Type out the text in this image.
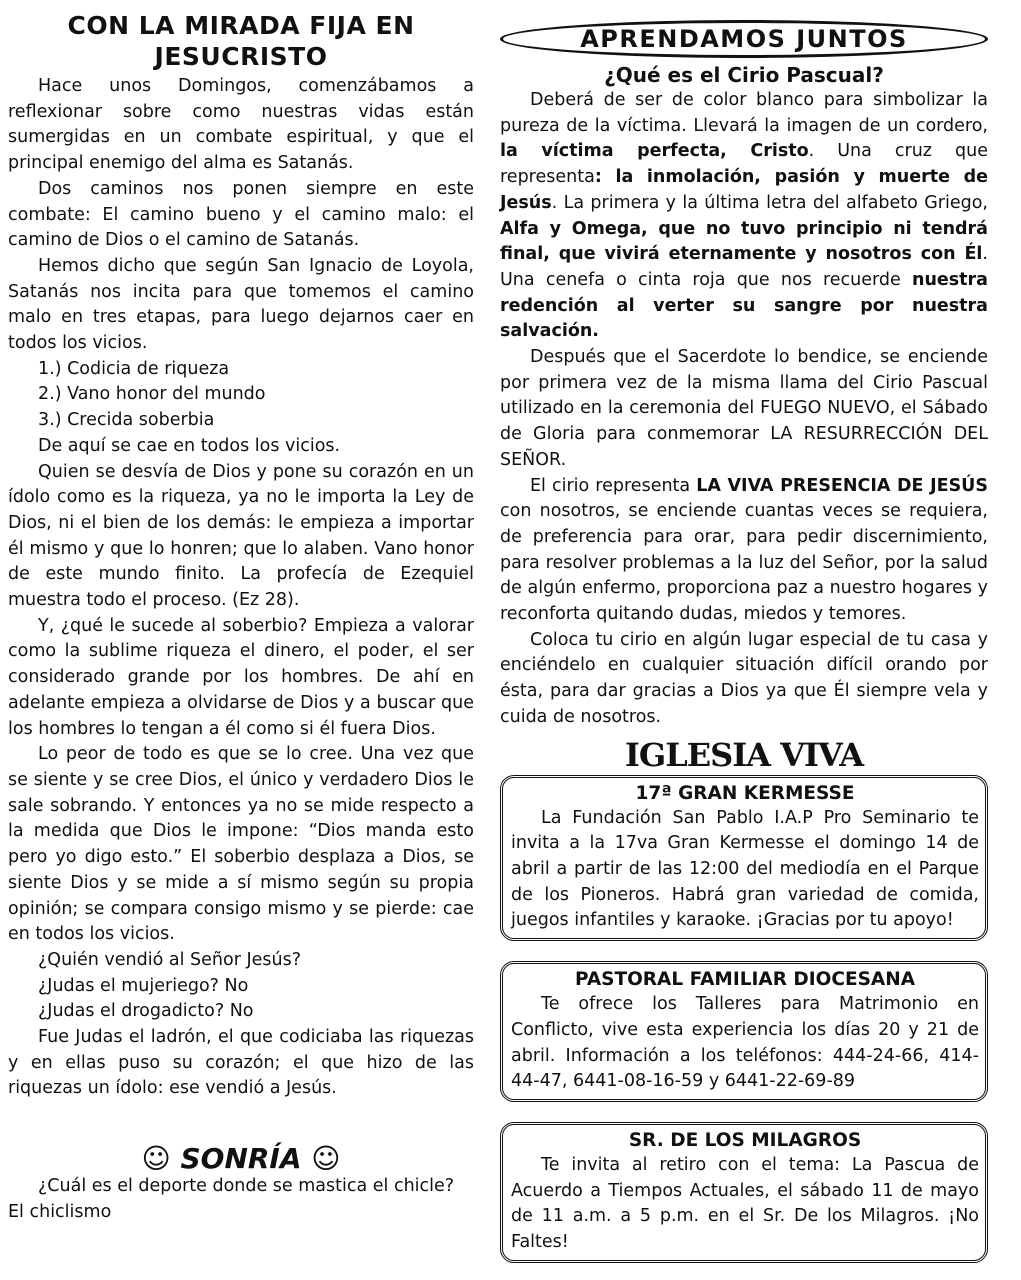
CON LA MIRADA FIJA EN JESUCRISTO

Hace unos Domingos, comenzábamos a reflexionar sobre como nuestras vidas están sumergidas en un combate espiritual, y que el principal enemigo del alma es Satanás.

Dos caminos nos ponen siempre en este combate: El camino bueno y el camino malo: el camino de Dios o el camino de Satanás.

Hemos dicho que según San Ignacio de Loyola, Satanás nos incita para que tomemos el camino malo en tres etapas, para luego dejarnos caer en todos los vicios.

1.) Codicia de riqueza

2.) Vano honor del mundo

3.) Crecida soberbia

De aquí se cae en todos los vicios.

Quien se desvía de Dios y pone su corazón en un ídolo como es la riqueza, ya no le importa la Ley de Dios, ni el bien de los demás: le empieza a importar él mismo y que lo honren; que lo alaben. Vano honor de este mundo finito. La profecía de Ezequiel muestra todo el proceso. (Ez 28).

Y, ¿qué le sucede al soberbio? Empieza a valorar como la sublime riqueza el dinero, el poder, el ser considerado grande por los hombres. De ahí en adelante empieza a olvidarse de Dios y a buscar que los hombres lo tengan a él como si él fuera Dios.

Lo peor de todo es que se lo cree. Una vez que se siente y se cree Dios, el único y verdadero Dios le sale sobrando. Y entonces ya no se mide respecto a la medida que Dios le impone: “Dios manda esto pero yo digo esto.” El soberbio desplaza a Dios, se siente Dios y se mide a sí mismo según su propia opinión; se compara consigo mismo y se pierde: cae en todos los vicios.

¿Quién vendió al Señor Jesús?

¿Judas el mujeriego? No

¿Judas el drogadicto? No

Fue Judas el ladrón, el que codiciaba las riquezas y en ellas puso su corazón; el que hizo de las riquezas un ídolo: ese vendió a Jesús.

☺ SONRÍA ☺

¿Cuál es el deporte donde se mastica el chicle?

El chiclismo

APRENDAMOS JUNTOS
¿Qué es el Cirio Pascual?

Deberá de ser de color blanco para simbolizar la pureza de la víctima. Llevará la imagen de un cordero, la víctima perfecta, Cristo. Una cruz que representa: la inmolación, pasión y muerte de Jesús. La primera y la última letra del alfabeto Griego, Alfa y Omega, que no tuvo principio ni tendrá final, que vivirá eternamente y nosotros con Él. Una cenefa o cinta roja que nos recuerde nuestra redención al verter su sangre por nuestra salvación.

Después que el Sacerdote lo bendice, se enciende por primera vez de la misma llama del Cirio Pascual utilizado en la ceremonia del FUEGO NUEVO, el Sábado de Gloria para conmemorar LA RESURRECCIÓN DEL SEÑOR.

El cirio representa LA VIVA PRESENCIA DE JESÚS con nosotros, se enciende cuantas veces se requiera, de preferencia para orar, para pedir discernimiento, para resolver problemas a la luz del Señor, por la salud de algún enfermo, proporciona paz a nuestro hogares y reconforta quitando dudas, miedos y temores.

Coloca tu cirio en algún lugar especial de tu casa y enciéndelo en cualquier situación difícil orando por ésta, para dar gracias a Dios ya que Él siempre vela y cuida de nosotros.

IGLESIA VIVA
17ª GRAN KERMESSE

La Fundación San Pablo I.A.P Pro Seminario te invita a la 17va Gran Kermesse el domingo 14 de abril a partir de las 12:00 del mediodía en el Parque de los Pioneros. Habrá gran variedad de comida, juegos infantiles y karaoke. ¡Gracias por tu apoyo!

PASTORAL FAMILIAR DIOCESANA

Te ofrece los Talleres para Matrimonio en Conflicto, vive esta experiencia los días 20 y 21 de abril. Información a los teléfonos: 444-24-66, 414-44-47, 6441-08-16-59 y 6441-22-69-89

SR. DE LOS MILAGROS

Te invita al retiro con el tema: La Pascua de Acuerdo a Tiempos Actuales, el sábado 11 de mayo de 11 a.m. a 5 p.m. en el Sr. De los Milagros. ¡No Faltes!
